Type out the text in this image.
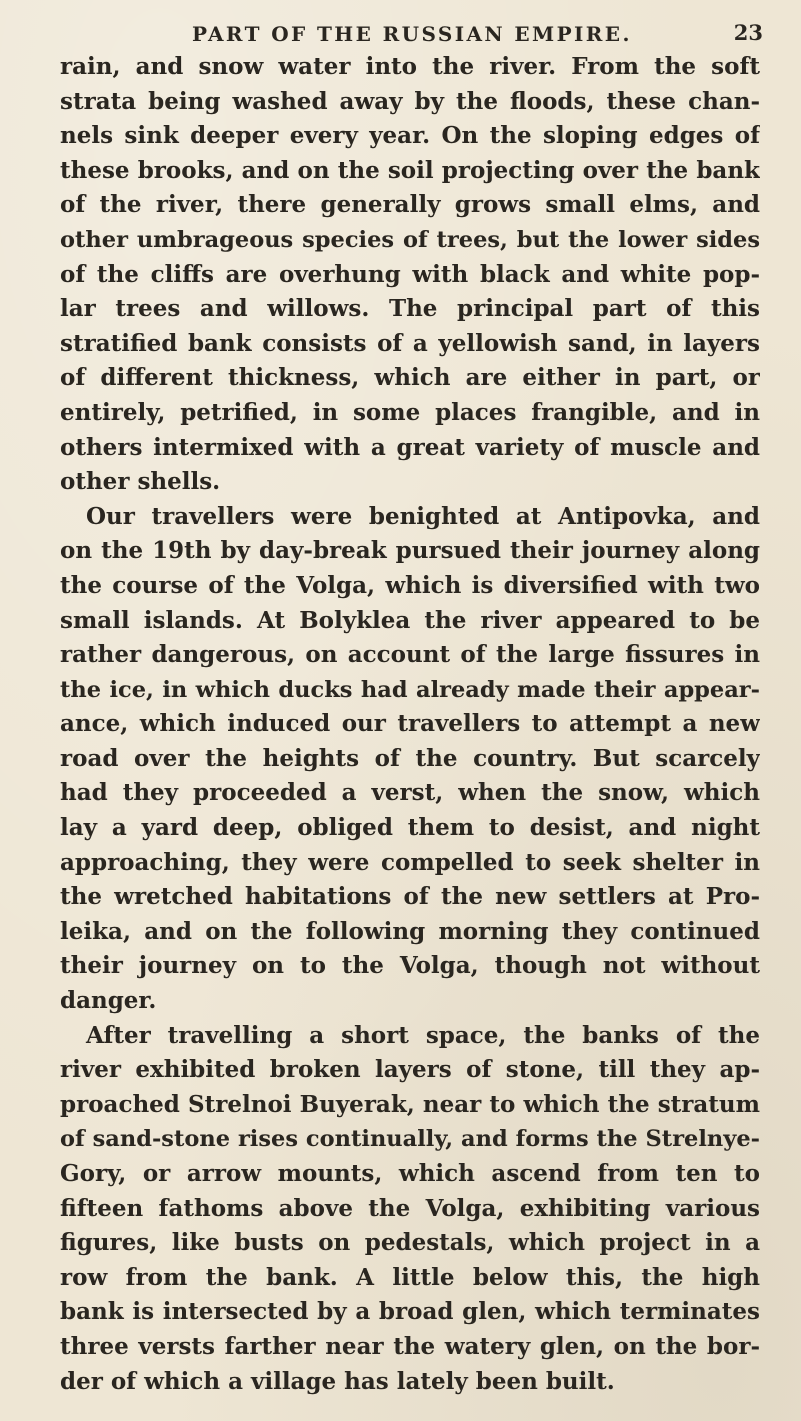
PART OF THE RUSSIAN EMPIRE.	23
rain, and snow water into the river. From the soft
strata being washed away by the floods, these chan-
nels sink deeper every year. On the sloping edges of
these brooks, and on the soil projecting over the bank
of the river, there generally grows small elms, and
other umbrageous species of trees, but the lower sides
of the cliffs are overhung with black and white pop-
lar trees and willows. The principal part of this
stratified bank consists of a yellowish sand, in layers
of different thickness, which are either in part, or
entirely, petrified, in some places frangible, and in
others intermixed with a great variety of muscle and
other shells.
Our travellers were benighted at Antipovka, and
on the 19th by day-break pursued their journey along
the course of the Volga, which is diversified with two
small islands. At Bolyklea the river appeared to be
rather dangerous, on account of the large fissures in
the ice, in which ducks had already made their appear-
ance, which induced our travellers to attempt a new
road over the heights of the country. But scarcely
had they proceeded a verst, when the snow, which
lay a yard deep, obliged them to desist, and night
approaching, they were compelled to seek shelter in
the wretched habitations of the new settlers at Pro-
leika, and on the following morning they continued
their journey on to the Volga, though not without
danger.
After travelling a short space, the banks of the
river exhibited broken layers of stone, till they ap-
proached Strelnoi Buyerak, near to which the stratum
of sand-stone rises continually, and forms the Strelnye-
Gory, or arrow mounts, which ascend from ten to
fifteen fathoms above the Volga, exhibiting various
figures, like busts on pedestals, which project in a
row from the bank. A little below this, the high
bank is intersected by a broad glen, which terminates
three versts farther near the watery glen, on the bor-
der of which a village has lately been built.
